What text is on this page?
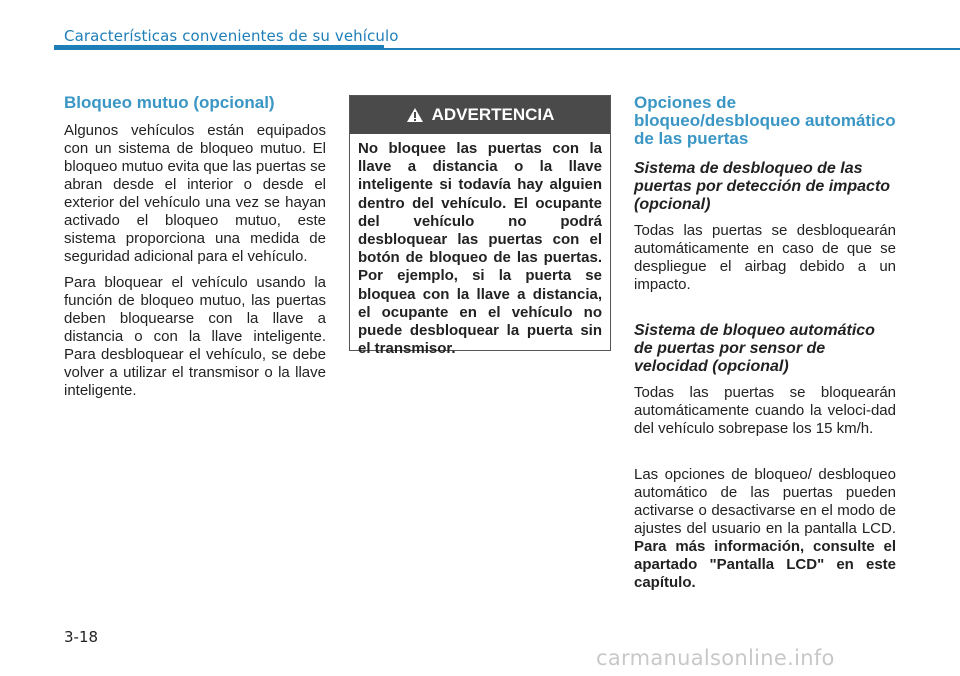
Características convenientes de su vehículo
Bloqueo mutuo (opcional)

Algunos vehículos están equipados con un sistema de bloqueo mutuo. El bloqueo mutuo evita que las puertas se abran desde el interior o desde el exterior del vehículo una vez se hayan activado el bloqueo mutuo, este sistema proporciona una medida de seguridad adicional para el vehículo.

Para bloquear el vehículo usando la función de bloqueo mutuo, las puertas deben bloquearse con la llave a distancia o con la llave inteligente. Para desbloquear el vehículo, se debe volver a utilizar el transmisor o la llave inteligente.

ADVERTENCIA

No bloquee las puertas con la llave a distancia o la llave inteligente si todavía hay alguien dentro del vehículo. El ocupante del vehículo no podrá desbloquear las puertas con el botón de bloqueo de las puertas. Por ejemplo, si la puerta se bloquea con la llave a distancia, el ocupante en el vehículo no puede desbloquear la puerta sin el transmisor.

Opciones de bloqueo/desbloqueo automático de las puertas
Sistema de desbloqueo de las puertas por detección de impacto (opcional)

Todas las puertas se desbloquearán automáticamente en caso de que se despliegue el airbag debido a un impacto.

Sistema de bloqueo automático de puertas por sensor de velocidad (opcional)

Todas las puertas se bloquearán automáticamente cuando la veloci-dad del vehículo sobrepase los 15 km/h.

Las opciones de bloqueo/ desbloqueo automático de las puertas pueden activarse o desactivarse en el modo de ajustes del usuario en la pantalla LCD. Para más información, consulte el apartado "Pantalla LCD" en este capítulo.

3-18
carmanualsonline.info
